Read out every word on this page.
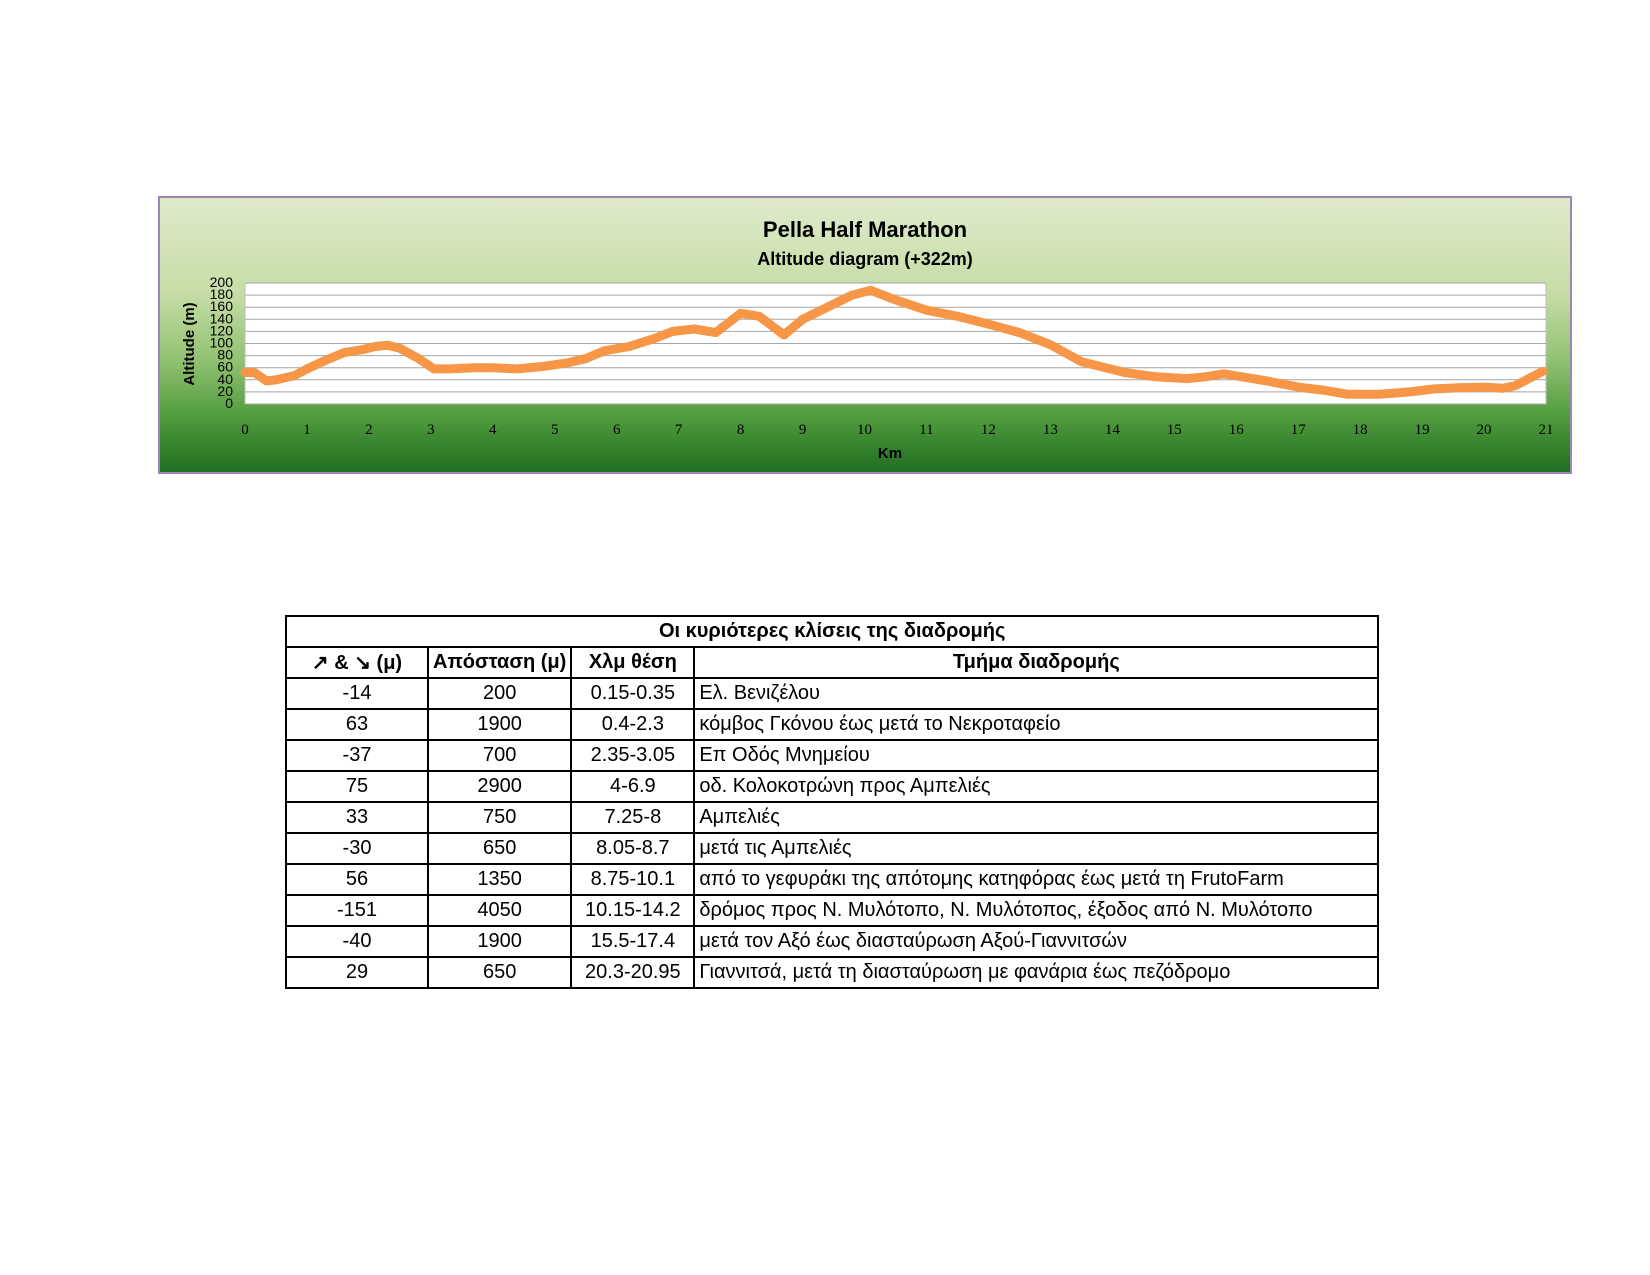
0
20
40
60
80
100
120
140
160
180
200
0	1	2	3	4	5	6	7	8	9	10	11	12	13	14	15	16	17	18	19	20	21
Pella Half Marathon
Altitude diagram (+322m)
Km
Altitude (m)
Οι κυριότερες κλίσεις της διαδρομής			
↗ & ↘ (μ)	Απόσταση (μ)	Χλμ θέση	Τμήμα διαδρομής
-14	200	0.15-0.35	Ελ. Βενιζέλου
63	1900	0.4-2.3	κόμβος Γκόνου έως μετά το Νεκροταφείο
-37	700	2.35-3.05	Επ Οδός Μνημείου
75	2900	4-6.9	οδ. Κολοκοτρώνη προς Αμπελιές
33	750	7.25-8	Αμπελιές
-30	650	8.05-8.7	μετά τις Αμπελιές
56	1350	8.75-10.1	από το γεφυράκι της απότομης κατηφόρας έως μετά τη FrutoFarm
-151	4050	10.15-14.2	δρόμος προς Ν. Μυλότοπο, Ν. Μυλότοπος, έξοδος από Ν. Μυλότοπο
-40	1900	15.5-17.4	μετά τον Αξό έως διασταύρωση Αξού-Γιαννιτσών
29	650	20.3-20.95	Γιαννιτσά, μετά τη διασταύρωση με φανάρια έως πεζόδρομο
